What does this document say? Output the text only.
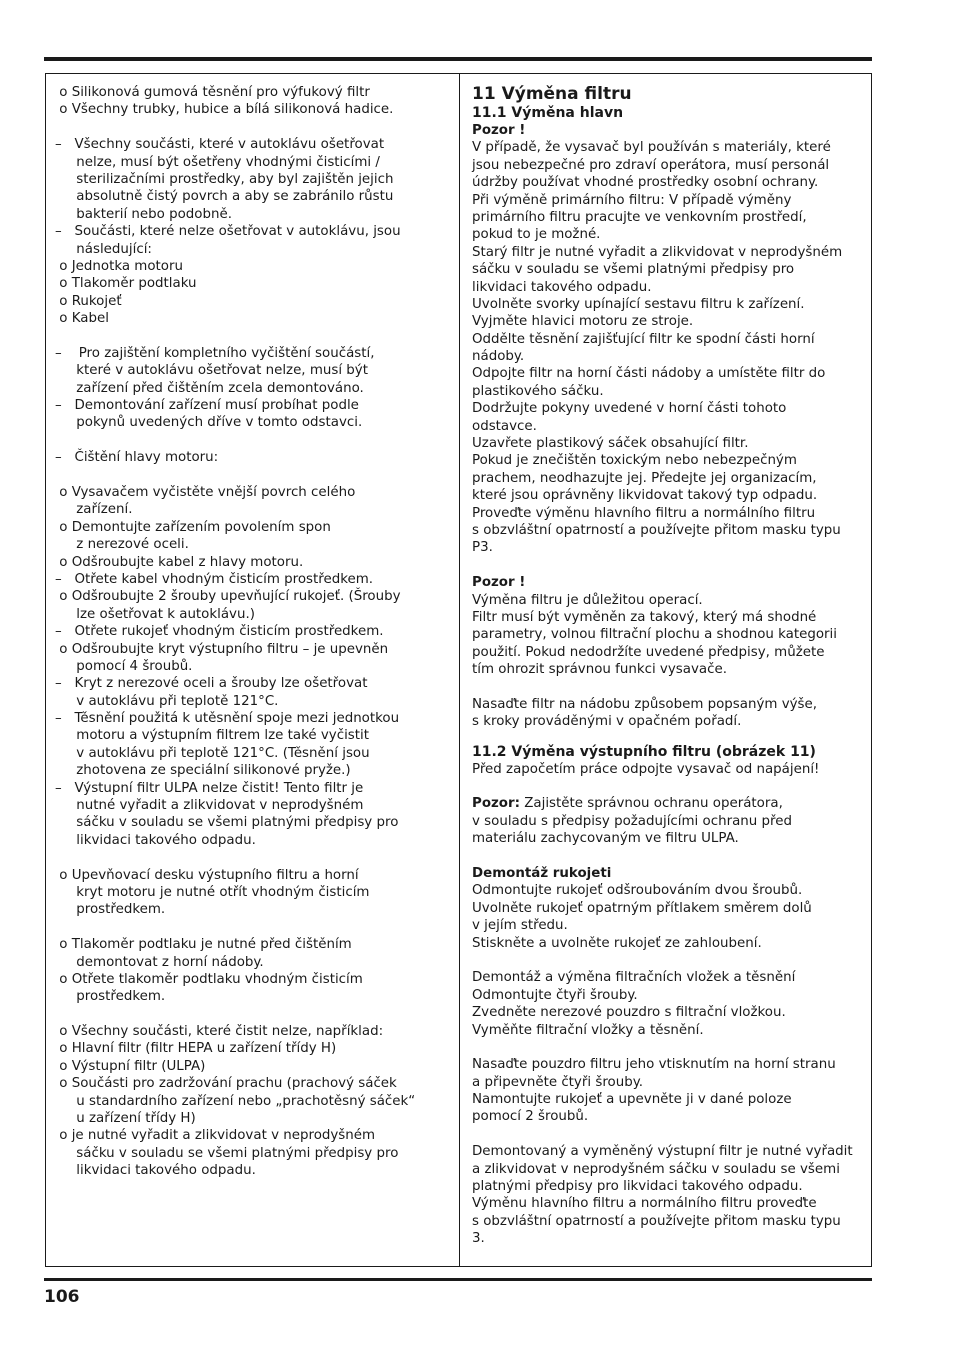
o Silikonová gumová těsnění pro výfukový filtr
o Všechny trubky, hubice a bílá silikonová hadice.
–   Všechny součásti, které v autoklávu ošetřovat
nelze, musí být ošetřeny vhodnými čisticími /
sterilizačními prostředky, aby byl zajištěn jejich
absolutně čistý povrch a aby se zabránilo růstu
bakterií nebo podobně.
–   Součásti, které nelze ošetřovat v autoklávu, jsou
následující:
o Jednotka motoru
o Tlakoměr podtlaku
o Rukojeť
o Kabel
–    Pro zajištění kompletního vyčištění součástí,
které v autoklávu ošetřovat nelze, musí být
zařízení před čištěním zcela demontováno.
–   Demontování zařízení musí probíhat podle
pokynů uvedených dříve v tomto odstavci.
–   Čištění hlavy motoru:
o Vysavačem vyčistěte vnější povrch celého
zařízení.
o Demontujte zařízením povolením spon
z nerezové oceli.
o Odšroubujte kabel z hlavy motoru.
–   Otřete kabel vhodným čisticím prostředkem.
o Odšroubujte 2 šrouby upevňující rukojeť. (Šrouby
lze ošetřovat k autoklávu.)
–   Otřete rukojeť vhodným čisticím prostředkem.
o Odšroubujte kryt výstupního filtru – je upevněn
pomocí 4 šroubů.
–   Kryt z nerezové oceli a šrouby lze ošetřovat
v autoklávu při teplotě 121°C.
–   Těsnění použitá k utěsnění spoje mezi jednotkou
motoru a výstupním filtrem lze také vyčistit
v autoklávu při teplotě 121°C. (Těsnění jsou
zhotovena ze speciální silikonové pryže.)
–   Výstupní filtr ULPA nelze čistit! Tento filtr je
nutné vyřadit a zlikvidovat v neprodyšném
sáčku v souladu se všemi platnými předpisy pro
likvidaci takového odpadu.
o Upevňovací desku výstupního filtru a horní
kryt motoru je nutné otřít vhodným čisticím
prostředkem.
o Tlakoměr podtlaku je nutné před čištěním
demontovat z horní nádoby.
o Otřete tlakoměr podtlaku vhodným čisticím
prostředkem.
o Všechny součásti, které čistit nelze, například:
o Hlavní filtr (filtr HEPA u zařízení třídy H)
o Výstupní filtr (ULPA)
o Součásti pro zadržování prachu (prachový sáček
u standardního zařízení nebo „prachotěsný sáček“
u zařízení třídy H)
o je nutné vyřadit a zlikvidovat v neprodyšném
sáčku v souladu se všemi platnými předpisy pro
likvidaci takového odpadu.
11 Výměna filtru
11.1 Výměna hlavn
Pozor !
V případě, že vysavač byl používán s materiály, které
jsou nebezpečné pro zdraví operátora, musí personál
údržby používat vhodné prostředky osobní ochrany.
Při výměně primárního filtru: V případě výměny
primárního filtru pracujte ve venkovním prostředí,
pokud to je možné.
Starý filtr je nutné vyřadit a zlikvidovat v neprodyšném
sáčku v souladu se všemi platnými předpisy pro
likvidaci takového odpadu.
Uvolněte svorky upínající sestavu filtru k zařízení.
Vyjměte hlavici motoru ze stroje.
Oddělte těsnění zajišťující filtr ke spodní části horní
nádoby.
Odpojte filtr na horní části nádoby a umístěte filtr do
plastikového sáčku.
Dodržujte pokyny uvedené v horní části tohoto
odstavce.
Uzavřete plastikový sáček obsahující filtr.
Pokud je znečištěn toxickým nebo nebezpečným
prachem, neodhazujte jej. Předejte jej organizacím,
které jsou oprávněny likvidovat takový typ odpadu.
Proveďte výměnu hlavního filtru a normálního filtru
s obzvláštní opatrností a používejte přitom masku typu
P3.
Pozor !
Výměna filtru je důležitou operací.
Filtr musí být vyměněn za takový, který má shodné
parametry, volnou filtrační plochu a shodnou kategorii
použití. Pokud nedodržíte uvedené předpisy, můžete
tím ohrozit správnou funkci vysavače.
Nasaďte filtr na nádobu způsobem popsaným výše,
s kroky prováděnými v opačném pořadí.
11.2 Výměna výstupního filtru (obrázek 11)
Před započetím práce odpojte vysavač od napájení!
Pozor: Zajistěte správnou ochranu operátora,
v souladu s předpisy požadujícími ochranu před
materiálu zachycovaným ve filtru ULPA.
Demontáž rukojeti
Odmontujte rukojeť odšroubováním dvou šroubů.
Uvolněte rukojeť opatrným přítlakem směrem dolů
v jejím středu.
Stiskněte a uvolněte rukojeť ze zahloubení.
Demontáž a výměna filtračních vložek a těsnění
Odmontujte čtyři šrouby.
Zvedněte nerezové pouzdro s filtrační vložkou.
Vyměňte filtrační vložky a těsnění.
Nasaďte pouzdro filtru jeho vtisknutím na horní stranu
a připevněte čtyři šrouby.
Namontujte rukojeť a upevněte ji v dané poloze
pomocí 2 šroubů.
Demontovaný a vyměněný výstupní filtr je nutné vyřadit
a zlikvidovat v neprodyšném sáčku v souladu se všemi
platnými předpisy pro likvidaci takového odpadu.
Výměnu hlavního filtru a normálního filtru proveďte
s obzvláštní opatrností a používejte přitom masku typu
3.
106
